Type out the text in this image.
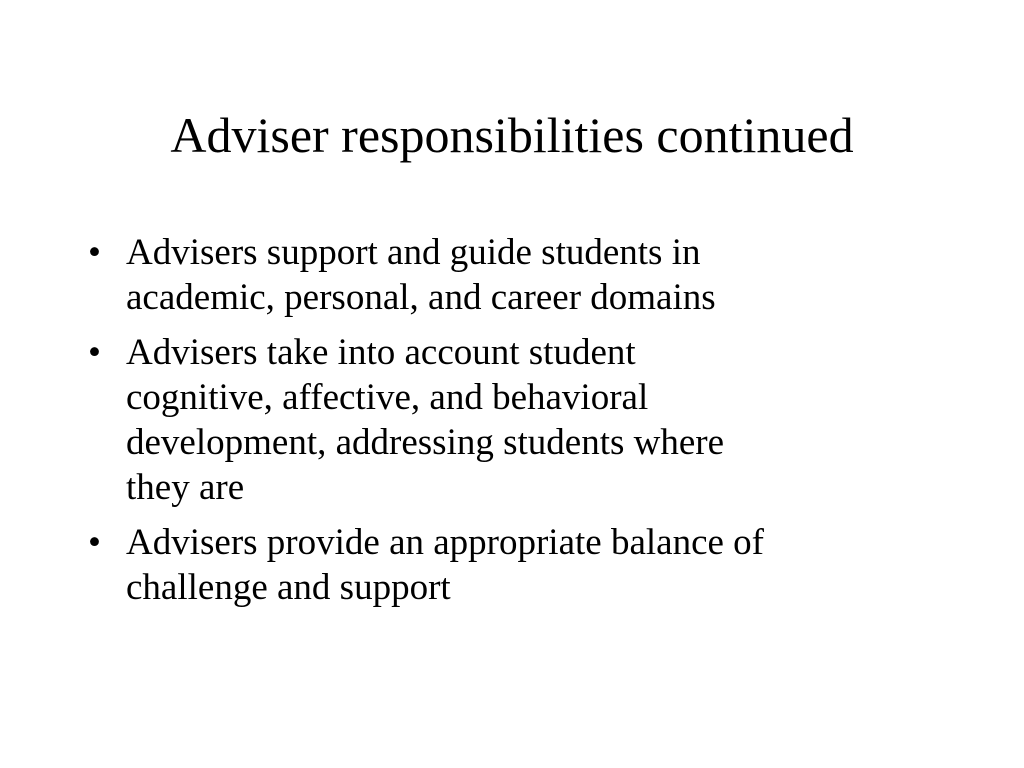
Adviser responsibilities continued
• Advisers support and guide students in
academic, personal, and career domains
• Advisers take into account student
cognitive, affective, and behavioral
development, addressing students where
they are
• Advisers provide an appropriate balance of
challenge and support
